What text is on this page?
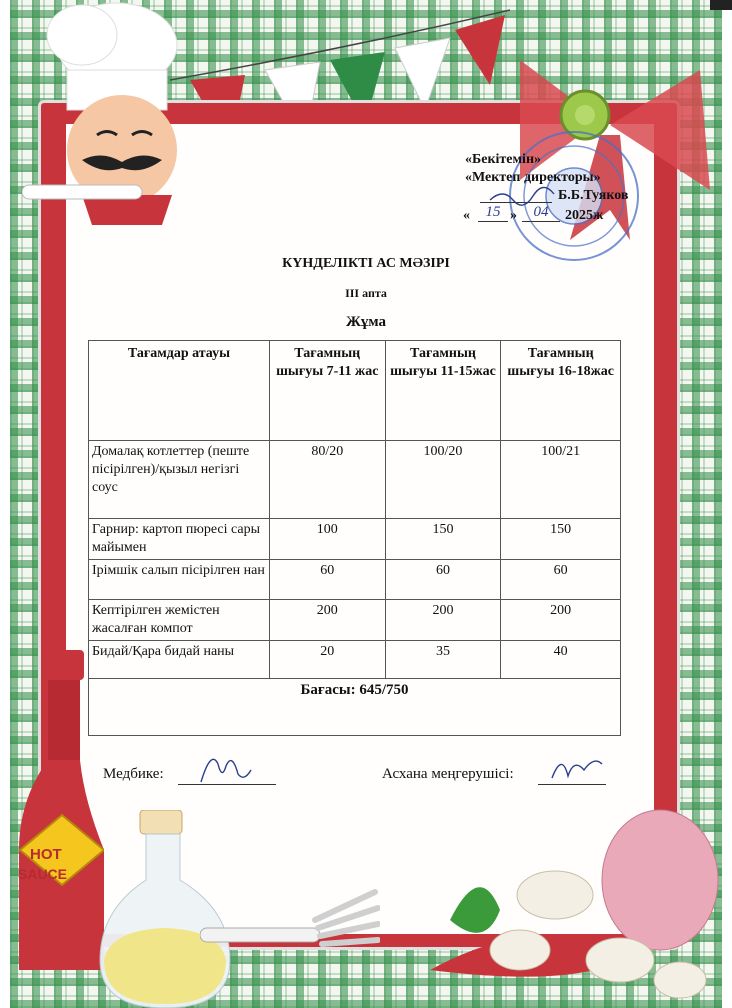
«Бекітемін»
«Мектеп директоры»
Б.Б.Туяков
«	15 »	04	2025ж
КҮНДЕЛІКТІ АС МӘЗІРІ
III апта
Жұма
Тағамдар атауы	Тағамның шығуы 7-11 жас	Тағамның шығуы 11-15жас	Тағамның шығуы 16-18жас
Домалақ котлеттер (пеште пісірілген)/қызыл негізгі соус	80/20	100/20	100/21
Гарнир: картоп пюресі сары майымен	100	150	150
Ірімшік салып пісірілген нан	60	60	60
Кептірілген жемістен жасалған компот	200	200	200
Бидай/Қара бидай наны	20	35	40
Бағасы: 645/750			
Медбике:	Асхана меңгерушісі:
HOT
SAUCE
